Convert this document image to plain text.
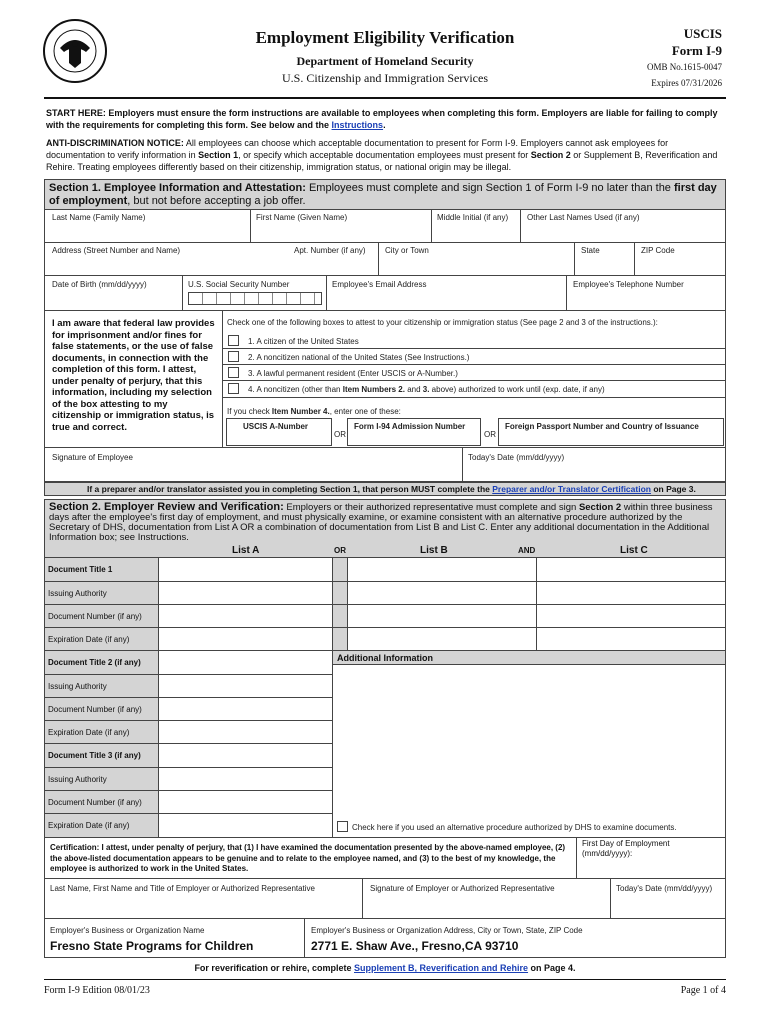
Employment Eligibility Verification
Department of Homeland Security
U.S. Citizenship and Immigration Services
USCIS
Form I-9
OMB No.1615-0047
Expires 07/31/2026
START HERE: Employers must ensure the form instructions are available to employees when completing this form. Employers are liable for failing to comply with the requirements for completing this form. See below and the Instructions.
ANTI-DISCRIMINATION NOTICE: All employees can choose which acceptable documentation to present for Form I-9. Employers cannot ask employees for documentation to verify information in Section 1, or specify which acceptable documentation employees must present for Section 2 or Supplement B, Reverification and Rehire. Treating employees differently based on their citizenship, immigration status, or national origin may be illegal.
Section 1. Employee Information and Attestation: Employees must complete and sign Section 1 of Form I-9 no later than the first day of employment, but not before accepting a job offer.
Last Name (Family Name)	First Name (Given Name)	Middle Initial (if any) Other Last Names Used (if any)
Address (Street Number and Name)	Apt. Number (if any) City or Town	State	ZIP Code
Date of Birth (mm/dd/yyyy)	U.S. Social Security Number	Employee's Email Address	Employee's Telephone Number
I am aware that federal law provides for imprisonment and/or fines for false statements, or the use of false documents, in connection with the completion of this form. I attest, under penalty of perjury, that this information, including my selection of the box attesting to my citizenship or immigration status, is true and correct.
Check one of the following boxes to attest to your citizenship or immigration status (See page 2 and 3 of the instructions.):
1. A citizen of the United States
2. A noncitizen national of the United States (See Instructions.)
3. A lawful permanent resident (Enter USCIS or A-Number.)
4. A noncitizen (other than Item Numbers 2. and 3. above) authorized to work until (exp. date, if any)
If you check Item Number 4., enter one of these:
USCIS A-Number
OR
Form I-94 Admission Number
OR
Foreign Passport Number and Country of Issuance
Signature of Employee	Today's Date (mm/dd/yyyy)
If a preparer and/or translator assisted you in completing Section 1, that person MUST complete the Preparer and/or Translator Certification on Page 3.
Section 2. Employer Review and Verification: Employers or their authorized representative must complete and sign Section 2 within three business days after the employee's first day of employment, and must physically examine, or examine consistent with an alternative procedure authorized by the Secretary of DHS, documentation from List A OR a combination of documentation from List B and List C. Enter any additional documentation in the Additional Information box; see Instructions.
List A	OR	List B	AND	List C
Document Title 1
Issuing Authority
Document Number (if any)
Expiration Date (if any)
Document Title 2 (if any)
Issuing Authority
Document Number (if any)
Expiration Date (if any)
Document Title 3 (if any)
Issuing Authority
Document Number (if any)
Expiration Date (if any)
Additional Information
Check here if you used an alternative procedure authorized by DHS to examine documents.
Certification: I attest, under penalty of perjury, that (1) I have examined the documentation presented by the above-named employee, (2) the above-listed documentation appears to be genuine and to relate to the employee named, and (3) to the best of my knowledge, the employee is authorized to work in the United States.
First Day of Employment (mm/dd/yyyy):
Last Name, First Name and Title of Employer or Authorized Representative	Signature of Employer or Authorized Representative	Today's Date (mm/dd/yyyy)
Employer's Business or Organization Name
Fresno State Programs for Children
Employer's Business or Organization Address, City or Town, State, ZIP Code
2771 E. Shaw Ave., Fresno,CA 93710
For reverification or rehire, complete Supplement B, Reverification and Rehire on Page 4.
Form I-9 Edition 08/01/23	Page 1 of 4
